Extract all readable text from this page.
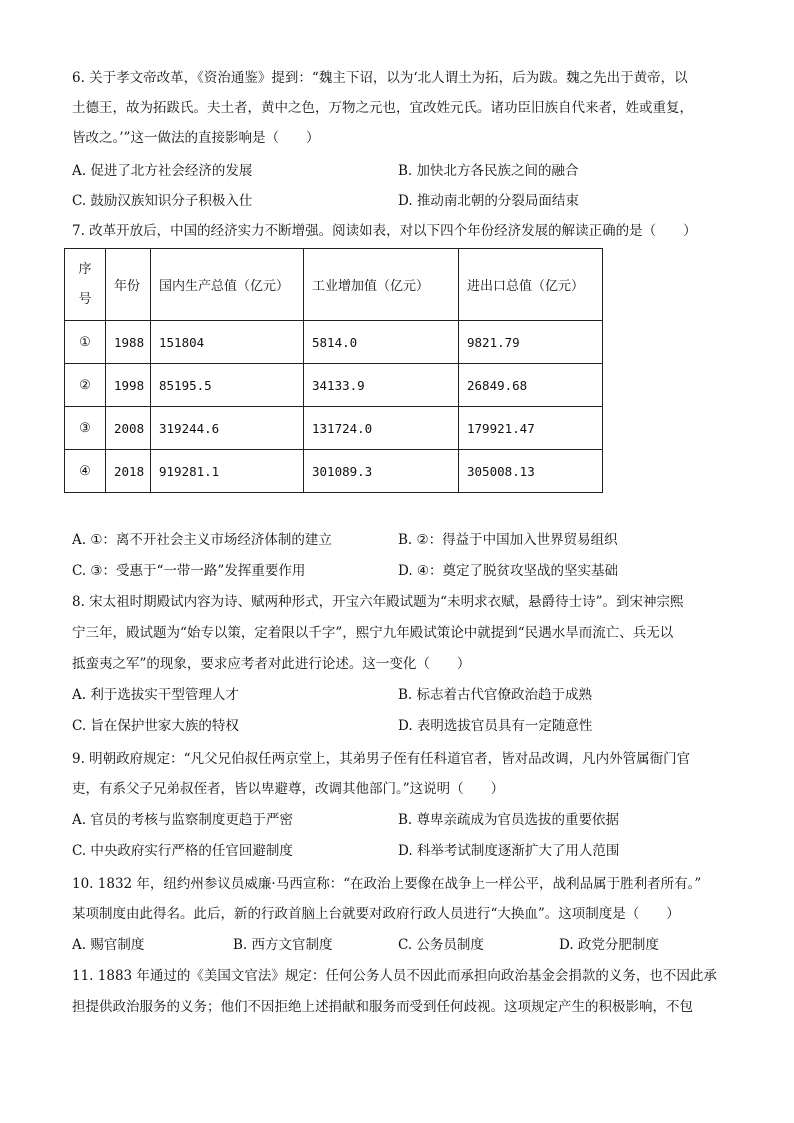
6. 关于孝文帝改革，《资治通鉴》提到：“魏主下诏，以为‘北人谓土为拓，后为跋。魏之先出于黄帝，以
土德王，故为拓跋氏。夫土者，黄中之色，万物之元也，宜改姓元氏。诸功臣旧族自代来者，姓或重复，
皆改之。’”这一做法的直接影响是（　　）
A. 促进了北方社会经济的发展	B. 加快北方各民族之间的融合
C. 鼓励汉族知识分子积极入仕	D. 推动南北朝的分裂局面结束
7. 改革开放后，中国的经济实力不断增强。阅读如表，对以下四个年份经济发展的解读正确的是（　　）
序
号	年份	国内生产总值（亿元）	工业增加值（亿元）	进出口总值（亿元）
①	1988	151804	5814.0	9821.79
②	1998	85195.5	34133.9	26849.68
③	2008	319244.6	131724.0	179921.47
④	2018	919281.1	301089.3	305008.13
A. ①：离不开社会主义市场经济体制的建立	B. ②：得益于中国加入世界贸易组织
C. ③：受惠于“一带一路”发挥重要作用	D. ④：奠定了脱贫攻坚战的坚实基础
8. 宋太祖时期殿试内容为诗、赋两种形式，开宝六年殿试题为“未明求衣赋，悬爵待士诗”。到宋神宗熙
宁三年，殿试题为“始专以策，定着限以千字”，熙宁九年殿试策论中就提到“民遇水旱而流亡、兵无以
抵蛮夷之军”的现象，要求应考者对此进行论述。这一变化（　　）
A. 利于选拔实干型管理人才	B. 标志着古代官僚政治趋于成熟
C. 旨在保护世家大族的特权	D. 表明选拔官员具有一定随意性
9. 明朝政府规定：“凡父兄伯叔任两京堂上，其弟男子侄有任科道官者，皆对品改调，凡内外管属衙门官
吏，有系父子兄弟叔侄者，皆以卑避尊，改调其他部门。”这说明（　　）
A. 官员的考核与监察制度更趋于严密	B. 尊卑亲疏成为官员选拔的重要依据
C. 中央政府实行严格的任官回避制度	D. 科举考试制度逐渐扩大了用人范围
10. 1832 年，纽约州参议员威廉·马西宣称：“在政治上要像在战争上一样公平，战利品属于胜利者所有。”
某项制度由此得名。此后，新的行政首脑上台就要对政府行政人员进行“大换血”。这项制度是（　　）
A. 赐官制度	B. 西方文官制度	C. 公务员制度	D. 政党分肥制度
11. 1883 年通过的《美国文官法》规定：任何公务人员不因此而承担向政治基金会捐款的义务，也不因此承
担提供政治服务的义务；他们不因拒绝上述捐献和服务而受到任何歧视。这项规定产生的积极影响，不包
